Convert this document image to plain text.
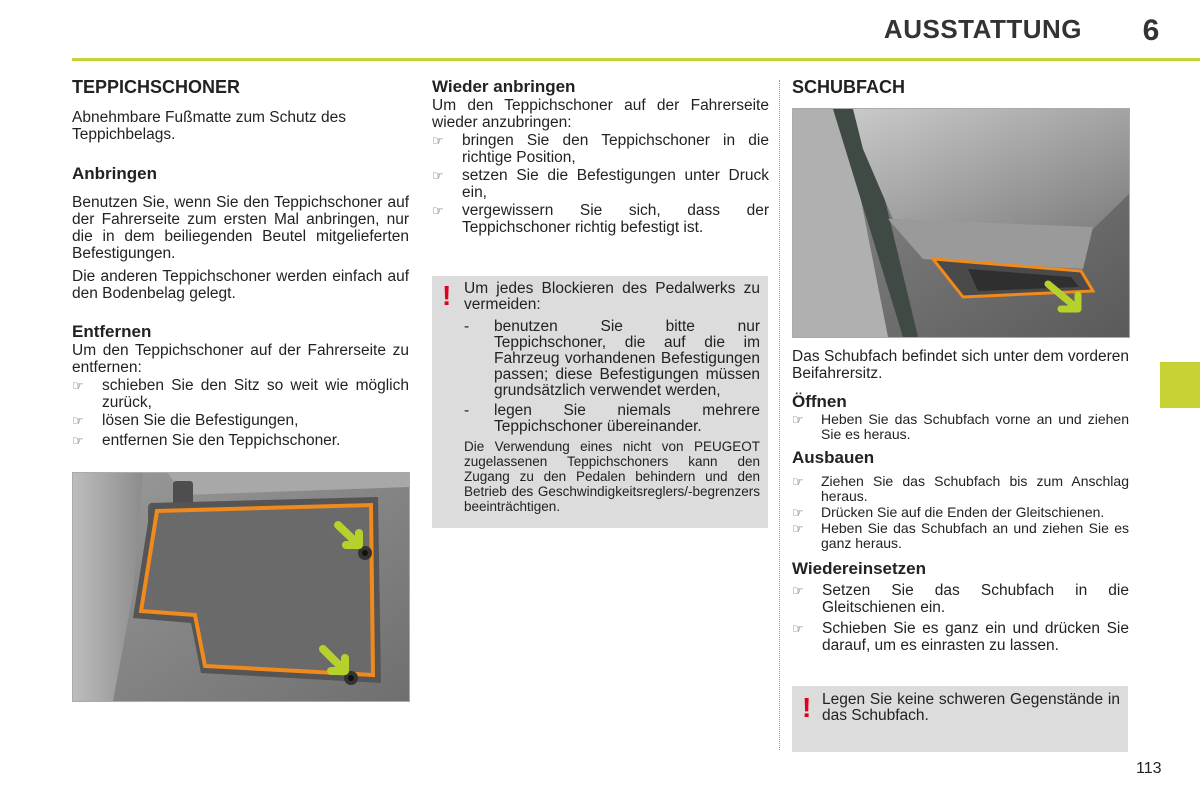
AUSSTATTUNG	6
TEPPICHSCHONER

Abnehmbare Fußmatte zum Schutz des Teppichbelags.

Anbringen

Benutzen Sie, wenn Sie den Teppichschoner auf der Fahrerseite zum ersten Mal anbringen, nur die in dem beiliegenden Beutel mitgelieferten Befestigungen.

Die anderen Teppichschoner werden einfach auf den Bodenbelag gelegt.

Entfernen

Um den Teppichschoner auf der Fahrerseite zu entfernen:

☞	schieben Sie den Sitz so weit wie möglich zurück,
☞	lösen Sie die Befestigungen,
☞	entfernen Sie den Teppichschoner.
Wieder anbringen

Um den Teppichschoner auf der Fahrerseite wieder anzubringen:

☞	bringen Sie den Teppichschoner in die richtige Position,
☞	setzen Sie die Befestigungen unter Druck ein,
☞	vergewissern Sie sich, dass der Teppichschoner richtig befestigt ist.
! Um jedes Blockieren des Pedalwerks zu vermeiden:

- benutzen Sie bitte nur Teppichschoner, die auf die im Fahrzeug vorhandenen Befestigungen passen; diese Befestigungen müssen grundsätzlich verwendet werden,
- legen Sie niemals mehrere Teppichschoner übereinander.

Die Verwendung eines nicht von PEUGEOT zugelassenen Teppichschoners kann den Zugang zu den Pedalen behindern und den Betrieb des Geschwindigkeitsreglers/-begrenzers beeinträchtigen.

SCHUBFACH

Das Schubfach befindet sich unter dem vorderen Beifahrersitz.

Öffnen
☞	Heben Sie das Schubfach vorne an und ziehen Sie es heraus.
Ausbauen
☞	Ziehen Sie das Schubfach bis zum Anschlag heraus.
☞	Drücken Sie auf die Enden der Gleitschienen.
☞	Heben Sie das Schubfach an und ziehen Sie es ganz heraus.
Wiedereinsetzen
☞	Setzen Sie das Schubfach in die Gleitschienen ein.
☞	Schieben Sie es ganz ein und drücken Sie darauf, um es einrasten zu lassen.
! Legen Sie keine schweren Gegenstände in das Schubfach.

113
